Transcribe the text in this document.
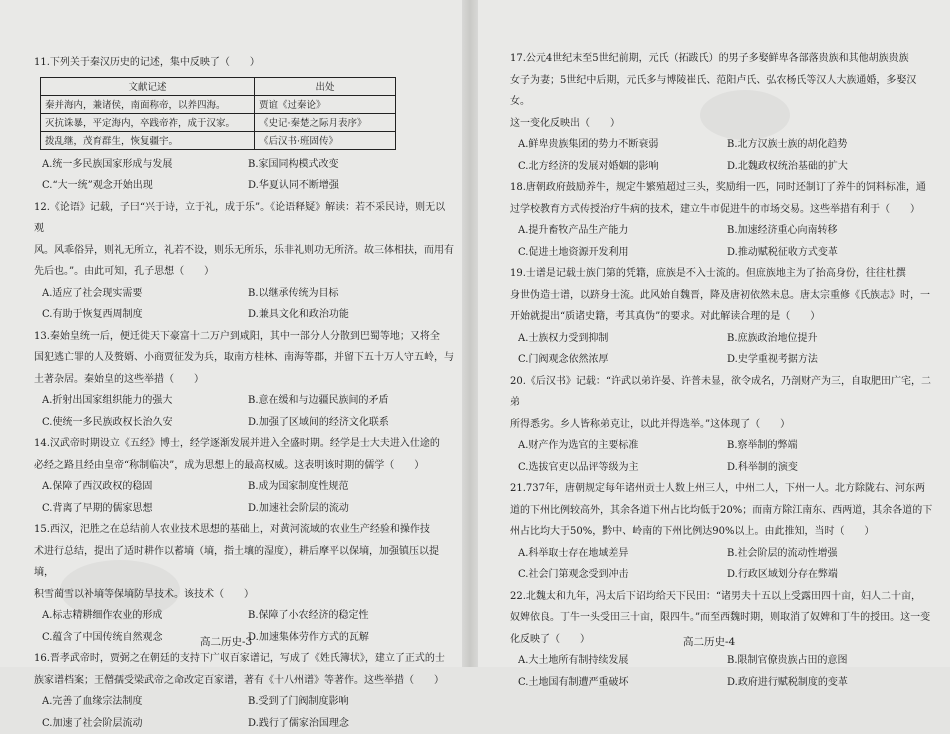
11.下列关于秦汉历史的记述，集中反映了（　　）

文献记述	出处
秦并海内，兼诸侯，南面称帝，以养四海。	贾谊《过秦论》
灭抗诛暴，平定海内，卒践帝祚，成于汉家。	《史记·秦楚之际月表序》
拨乱继，茂育群生，恢复疆宇。	《后汉书·班固传》
A.统一多民族国家形成与发展	B.家国同构模式改变
C.“大一统”观念开始出现	D.华夏认同不断增强

12.《论语》记载，子曰“兴于诗，立于礼，成于乐”。《论语释疑》解读：若不采民诗，则无以观

风。风乖俗异，则礼无所立，礼若不设，则乐无所乐，乐非礼则功无所济。故三体相扶，而用有

先后也。”。由此可知，孔子思想（　　）

A.适应了社会现实需要	B.以继承传统为目标
C.有助于恢复西周制度	D.兼具文化和政治功能

13.秦始皇统一后，便迁徙天下豪富十二万户到咸阳，其中一部分人分散到巴蜀等地；又将全

国犯逃亡罪的人及赘婿、小商贾征发为兵，取南方桂林、南海等郡，并留下五十万人守五岭，与

土著杂居。秦始皇的这些举措（　　）

A.折射出国家组织能力的强大	B.意在缓和与边疆民族间的矛盾
C.使统一多民族政权长治久安	D.加强了区域间的经济文化联系

14.汉武帝时期设立《五经》博士，经学逐渐发展并进入全盛时期。经学是士大夫进入仕途的

必经之路且经由皇帝“称制临决”，成为思想上的最高权威。这表明该时期的儒学（　　）

A.保障了西汉政权的稳固	B.成为国家制度性规范
C.背离了早期的儒家思想	D.加速社会阶层的流动

15.西汉，汜胜之在总结前人农业技术思想的基础上，对黄河流域的农业生产经验和操作技

术进行总结，提出了适时耕作以蓄墒（墒，指土壤的湿度），耕后摩平以保墒，加强镇压以提墒，

积雪蔺雪以补墒等保墒防旱技术。该技术（　　）

A.标志精耕细作农业的形成	B.保障了小农经济的稳定性
C.蕴含了中国传统自然观念	D.加速集体劳作方式的瓦解

16.晋孝武帝时，贾弼之在朝廷的支持下广収百家谱记，写成了《姓氏簿状》，建立了正式的士

族家谱档案；王僧孺受梁武帝之命改定百家谱，著有《十八州谱》等著作。这些举措（　　）

A.完善了血缘宗法制度	B.受到了门阀制度影响
C.加速了社会阶层流动	D.践行了儒家治国理念
高二历史-3

17.公元4世纪末至5世纪前期，元氏（拓跋氏）的男子多娶鲜卑各部落贵族和其他胡族贵族

女子为妻；5世纪中后期，元氏多与博陵崔氏、范阳卢氏、弘农杨氏等汉人大族通婚，多娶汉女。

这一变化反映出（　　）

A.鲜卑贵族集团的势力不断衰弱	B.北方汉族士族的胡化趋势
C.北方经济的发展对婚姻的影响	D.北魏政权统治基础的扩大

18.唐朝政府鼓励养牛，规定牛繁殖超过三头，奖励绢一匹，同时还制订了养牛的饲料标准，通

过学校教育方式传授治疗牛病的技术，建立牛市促进牛的市场交易。这些举措有利于（　　）

A.提升畜牧产品生产能力	B.加速经济重心向南转移
C.促进土地资源开发利用	D.推动赋税征收方式变革

19.士谱是记载士族门第的凭籍，庶族是不入士流的。但庶族地主为了抬高身份，往往杜撰

身世伪造士谱，以跻身士流。此风始自魏晋，降及唐初依然未息。唐太宗重修《氏族志》时，一

开始就提出“质诸史籍，考其真伪”的要求。对此解读合理的是（　　）

A.士族权力受到抑制	B.庶族政治地位提升
C.门阀观念依然浓厚	D.史学重视考据方法

20.《后汉书》记载：“许武以弟许晏、许普未显，欲令成名，乃剖财产为三，自取肥田广宅，二弟

所得悉劣。乡人皆称弟克让，以此并得选举。”这体现了（　　）

A.财产作为选官的主要标准	B.察举制的弊端
C.选拔官吏以品评等级为主	D.科举制的演变

21.737年，唐朝规定每年诸州贡士人数上州三人，中州二人，下州一人。北方除陇右、河东两

道的下州比例较高外，其余各道下州占比均低于20%；而南方除江南东、西两道，其余各道的下

州占比均大于50%，黔中、岭南的下州比例达90%以上。由此推知，当时（　　）

A.科举取士存在地域差异	B.社会阶层的流动性增强
C.社会门第观念受到冲击	D.行政区域划分存在弊端

22.北魏太和九年，冯太后下诏均给天下民田：“诸男夫十五以上受露田四十亩，妇人二十亩，

奴婢依良。丁牛一头受田三十亩，限四牛。”而至西魏时期，则取消了奴婢和丁牛的授田。这一变

化反映了（　　）

A.大土地所有制持续发展	B.限制官僚贵族占田的意图
C.土地国有制遭严重破坏	D.政府进行赋税制度的变革
高二历史-4
